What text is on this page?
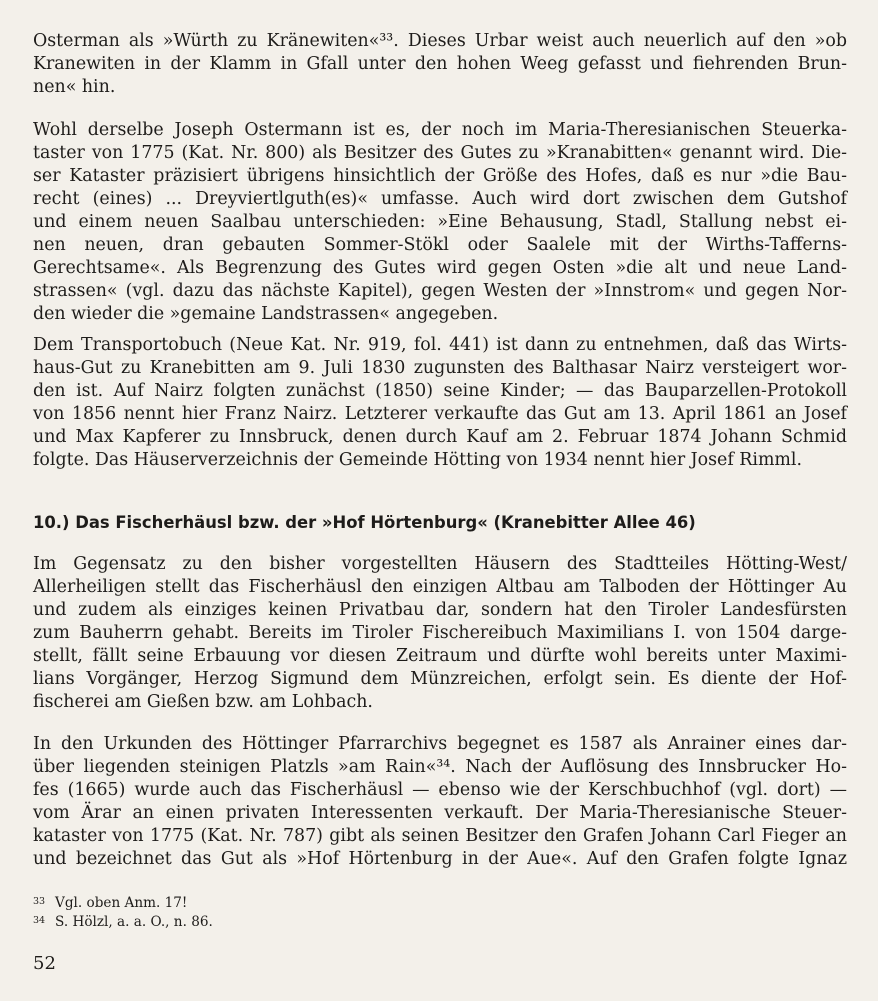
Osterman als »Würth zu Kränewiten«³³. Dieses Urbar weist auch neuerlich auf den »ob
Kranewiten in der Klamm in Gfall unter den hohen Weeg gefasst und fiehrenden Brun-
nen« hin.
Wohl derselbe Joseph Ostermann ist es, der noch im Maria-Theresianischen Steuerka-
taster von 1775 (Kat. Nr. 800) als Besitzer des Gutes zu »Kranabitten« genannt wird. Die-
ser Kataster präzisiert übrigens hinsichtlich der Größe des Hofes, daß es nur »die Bau-
recht (eines) ... Dreyviertlguth(es)« umfasse. Auch wird dort zwischen dem Gutshof
und einem neuen Saalbau unterschieden: »Eine Behausung, Stadl, Stallung nebst ei-
nen neuen, dran gebauten Sommer-Stökl oder Saalele mit der Wirths-Tafferns-
Gerechtsame«. Als Begrenzung des Gutes wird gegen Osten »die alt und neue Land-
strassen« (vgl. dazu das nächste Kapitel), gegen Westen der »Innstrom« und gegen Nor-
den wieder die »gemaine Landstrassen« angegeben.
Dem Transportobuch (Neue Kat. Nr. 919, fol. 441) ist dann zu entnehmen, daß das Wirts-
haus-Gut zu Kranebitten am 9. Juli 1830 zugunsten des Balthasar Nairz versteigert wor-
den ist. Auf Nairz folgten zunächst (1850) seine Kinder; — das Bauparzellen-Protokoll
von 1856 nennt hier Franz Nairz. Letzterer verkaufte das Gut am 13. April 1861 an Josef
und Max Kapferer zu Innsbruck, denen durch Kauf am 2. Februar 1874 Johann Schmid
folgte. Das Häuserverzeichnis der Gemeinde Hötting von 1934 nennt hier Josef Rimml.
10.) Das Fischerhäusl bzw. der »Hof Hörtenburg« (Kranebitter Allee 46)
Im Gegensatz zu den bisher vorgestellten Häusern des Stadtteiles Hötting-West/
Allerheiligen stellt das Fischerhäusl den einzigen Altbau am Talboden der Höttinger Au
und zudem als einziges keinen Privatbau dar, sondern hat den Tiroler Landesfürsten
zum Bauherrn gehabt. Bereits im Tiroler Fischereibuch Maximilians I. von 1504 darge-
stellt, fällt seine Erbauung vor diesen Zeitraum und dürfte wohl bereits unter Maximi-
lians Vorgänger, Herzog Sigmund dem Münzreichen, erfolgt sein. Es diente der Hof-
fischerei am Gießen bzw. am Lohbach.
In den Urkunden des Höttinger Pfarrarchivs begegnet es 1587 als Anrainer eines dar-
über liegenden steinigen Platzls »am Rain«³⁴. Nach der Auflösung des Innsbrucker Ho-
fes (1665) wurde auch das Fischerhäusl — ebenso wie der Kerschbuchhof (vgl. dort) —
vom Ärar an einen privaten Interessenten verkauft. Der Maria-Theresianische Steuer-
kataster von 1775 (Kat. Nr. 787) gibt als seinen Besitzer den Grafen Johann Carl Fieger an
und bezeichnet das Gut als »Hof Hörtenburg in der Aue«. Auf den Grafen folgte Ignaz
33 Vgl. oben Anm. 17!
34 S. Hölzl, a. a. O., n. 86.
52
